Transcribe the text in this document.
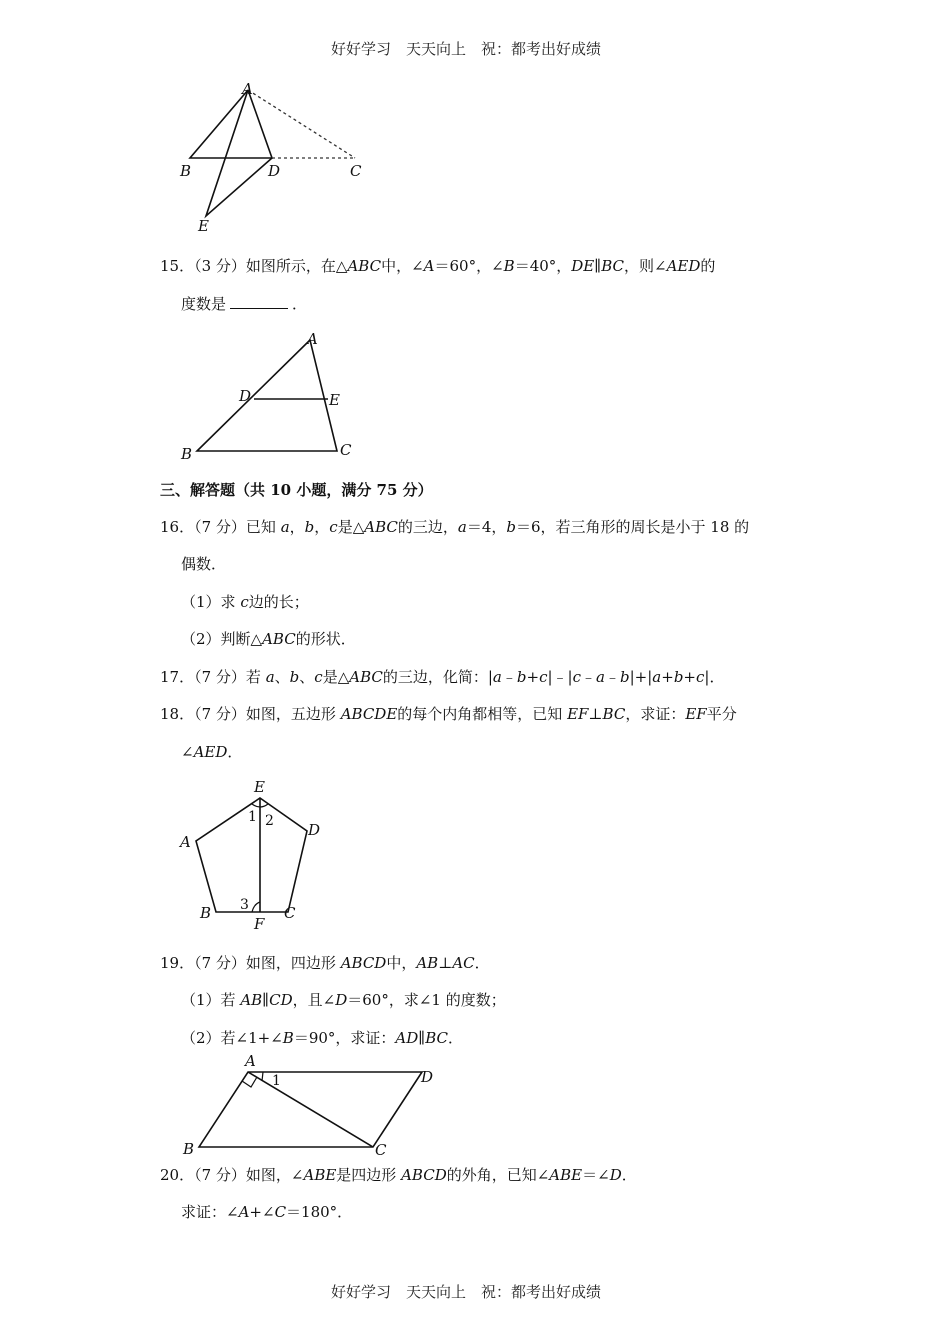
好好学习　天天向上　祝：都考出好成绩
A
B	D	C
E
15．（3 分）如图所示，在△ABC中，∠A＝60°，∠B＝40°，DE∥BC，则∠AED的
度数是	．
A
D	E
B	C
三、解答题（共 10 小题，满分 75 分）
16．（7 分）已知 a，b，c是△ABC的三边，a＝4，b＝6，若三角形的周长是小于 18 的
偶数．
（1）求 c边的长；
（2）判断△ABC的形状．
17．（7 分）若 a、b、c是△ABC的三边，化简：|a﹣b+c|﹣|c﹣a﹣b|+|a+b+c|．
18．（7 分）如图，五边形 ABCDE的每个内角都相等，已知 EF⊥BC，求证：EF平分
∠AED．
E
D
A
B	C
F
1 2
3
19．（7 分）如图，四边形 ABCD中，AB⊥AC．
（1）若 AB∥CD，且∠D＝60°，求∠1 的度数；
（2）若∠1+∠B＝90°，求证：AD∥BC．
A
D
B	C
1
20．（7 分）如图，∠ABE是四边形 ABCD的外角，已知∠ABE＝∠D．
求证：∠A+∠C＝180°．
好好学习　天天向上　祝：都考出好成绩
